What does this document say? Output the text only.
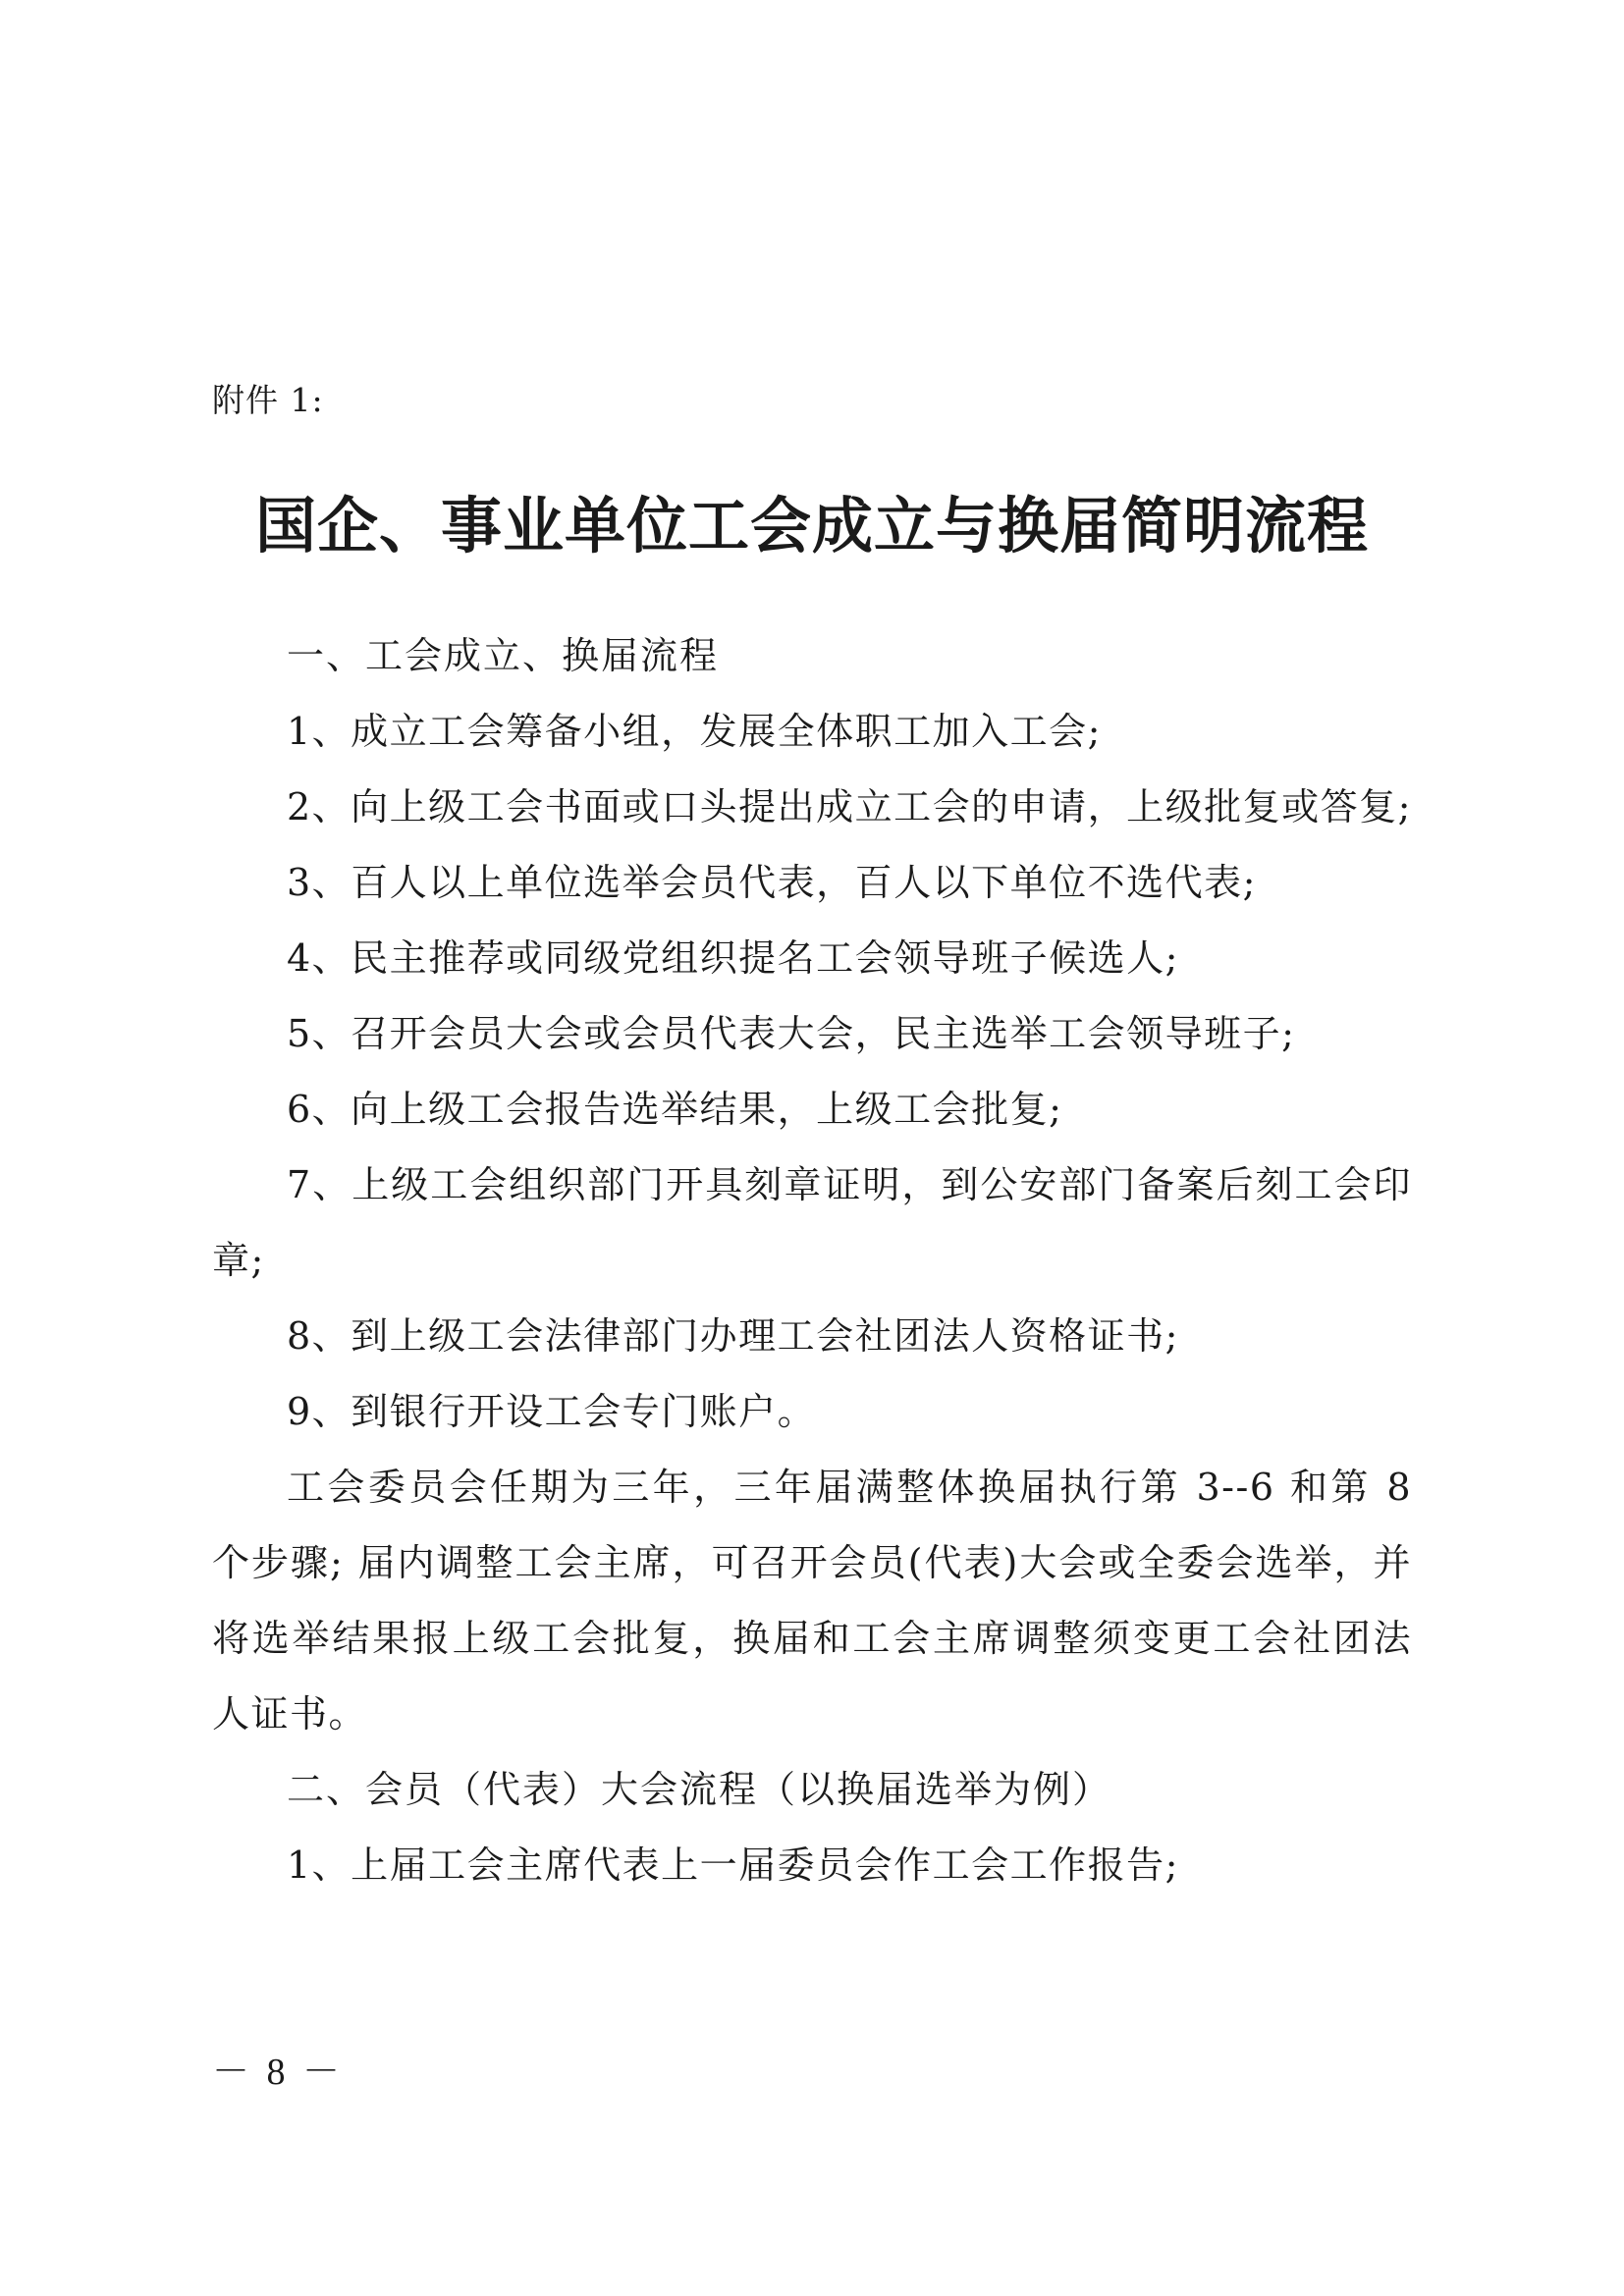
附件 1:
国企、事业单位工会成立与换届简明流程

一、工会成立、换届流程

1、成立工会筹备小组，发展全体职工加入工会;

2、向上级工会书面或口头提出成立工会的申请，上级批复或答复;

3、百人以上单位选举会员代表，百人以下单位不选代表;

4、民主推荐或同级党组织提名工会领导班子候选人;

5、召开会员大会或会员代表大会，民主选举工会领导班子;

6、向上级工会报告选举结果，上级工会批复;

7、上级工会组织部门开具刻章证明，到公安部门备案后刻工会印章;

8、到上级工会法律部门办理工会社团法人资格证书;

9、到银行开设工会专门账户。

工会委员会任期为三年，三年届满整体换届执行第 3--6 和第 8 个步骤; 届内调整工会主席，可召开会员(代表)大会或全委会选举，并将选举结果报上级工会批复，换届和工会主席调整须变更工会社团法人证书。

二、会员（代表）大会流程（以换届选举为例）

1、上届工会主席代表上一届委员会作工会工作报告;

－ 8 －
